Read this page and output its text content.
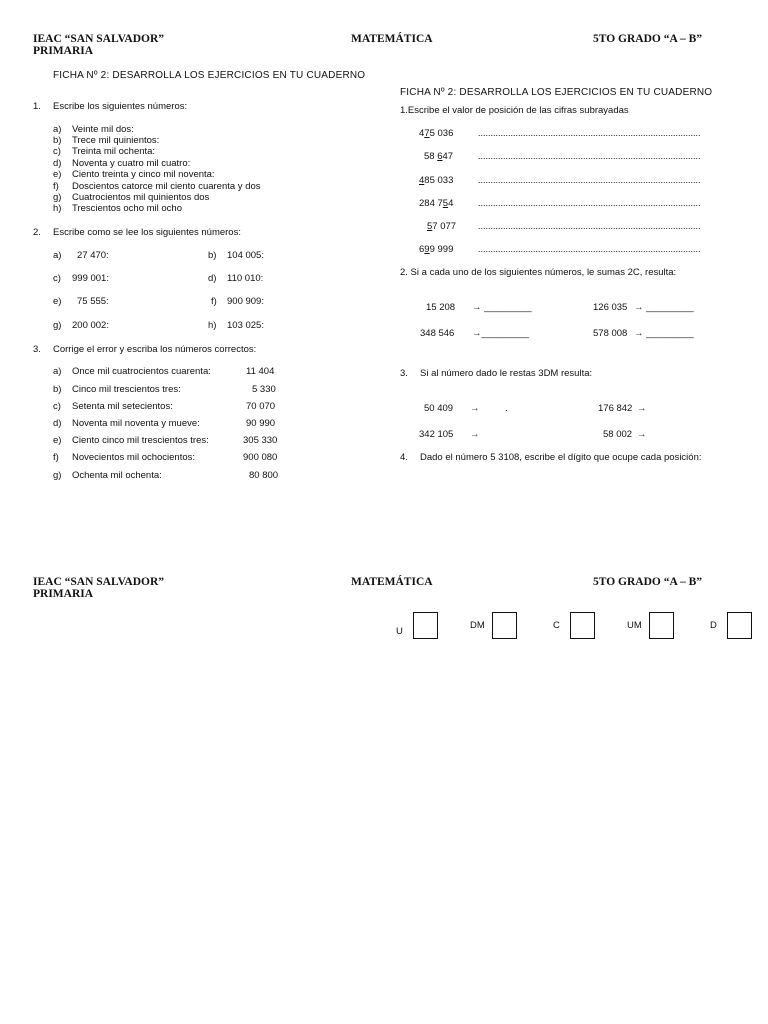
IEAC “SAN SALVADOR”
PRIMARIA
MATEMÁTICA	5TO GRADO “A – B”
FICHA Nº 2: DESARROLLA LOS EJERCICIOS EN TU CUADERNO
1. Escribe los siguientes números:
a) Veinte mil dos:
b) Trece mil quinientos:
c) Treinta mil ochenta:
d) Noventa y cuatro mil cuatro:
e) Ciento treinta y cinco mil noventa:
f) Doscientos catorce mil ciento cuarenta y dos
g) Cuatrocientos mil quinientos dos
h) Trescientos ocho mil ocho
2. Escribe como se lee los siguientes números:
a) 27 470:	b) 104 005:
c) 999 001:	d) 110 010:
e) 75 555:	f) 900 909:
g) 200 002:	h) 103 025:
3. Corrige el error y escriba los números correctos:
a) Once mil cuatrocientos cuarenta:	11 404
b) Cinco mil trescientos tres:	5 330
c) Setenta mil setecientos:	70 070
d) Noventa mil noventa y mueve:	90 990
e) Ciento cinco mil trescientos tres:	305 330
f) Novecientos mil ochocientos:	900 080
g) Ochenta mil ochenta:	80 800
FICHA Nº 2: DESARROLLA LOS EJERCICIOS EN TU CUADERNO
1.Escribe el valor de posición de las cifras subrayadas
475 036	.........................................................................................
58 647	.........................................................................................
485 033	.........................................................................................
284 754	.........................................................................................
57 077 .........................................................................................
699 999	.........................................................................................
2. Si a cada uno de los siguientes números, le sumas 2C, resulta:
15 208 → _________	126 035 → _________
348 546 →_________	578 008 → _________
3. Si al número dado le restas 3DM resulta:
50 409 →	.	176 842 →
342 105 →	58 002 →
4. Dado el número 5 3108, escribe el dígito que ocupe cada posición:
IEAC “SAN SALVADOR”
PRIMARIA
MATEMÁTICA	5TO GRADO “A – B”
U
DM	C	UM	D
